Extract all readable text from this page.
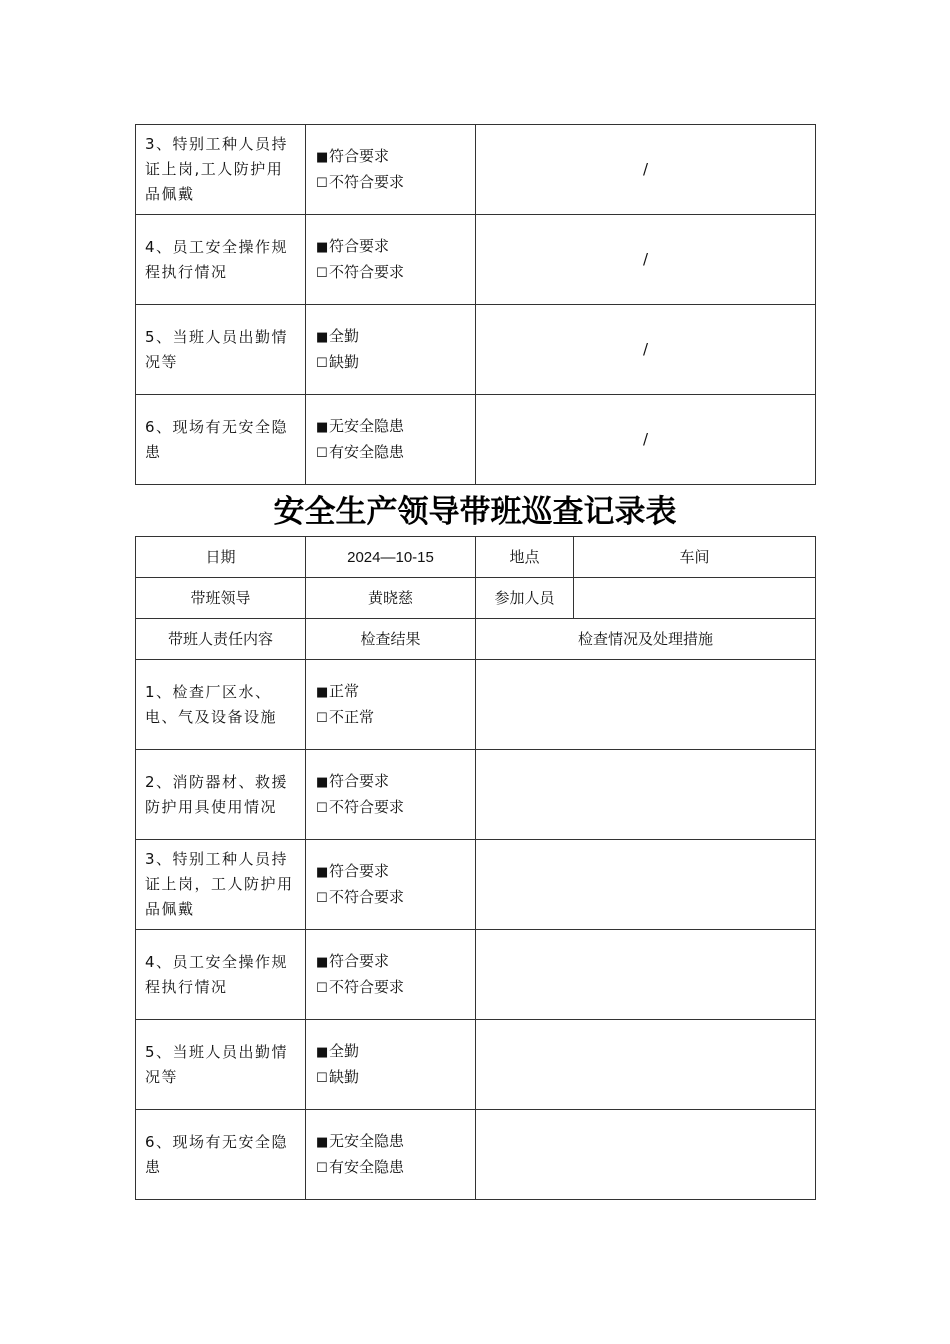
3、特别工种人员持证上岗,工人防护用品佩戴	■符合要求
☐不符合要求	/
4、员工安全操作规程执行情况	■符合要求
☐不符合要求	/
5、当班人员出勤情况等	■全勤
☐缺勤	/
6、现场有无安全隐患	■无安全隐患
☐有安全隐患	/
安全生产领导带班巡查记录表
日期	2024—10-15	地点	车间
带班领导	黄晓慈	参加人员	
带班人责任内容	检查结果	检查情况及处理措施	
1、检查厂区水、电、气及设备设施	■正常
☐不正常		

2、消防器材、救援防护用具使用情况	■符合要求
☐不符合要求		

3、特别工种人员持证上岗，工人防护用品佩戴	■符合要求
☐不符合要求		

4、员工安全操作规程执行情况	■符合要求
☐不符合要求		

5、当班人员出勤情况等	■全勤
☐缺勤		

6、现场有无安全隐患	■无安全隐患
☐有安全隐患		
